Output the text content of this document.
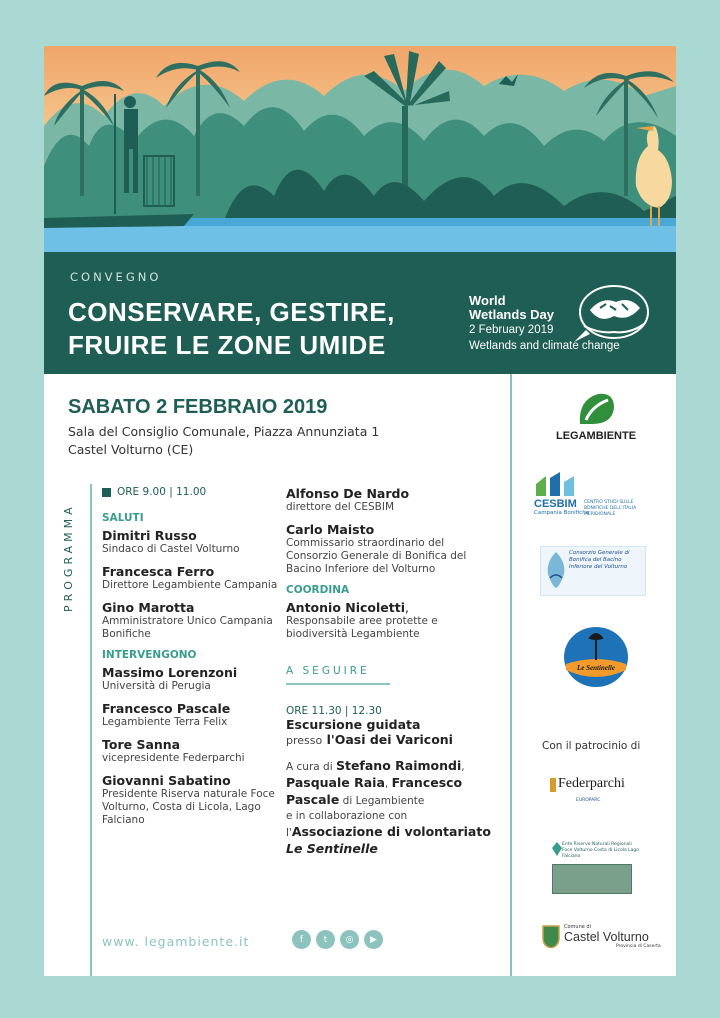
CONVEGNO
CONSERVARE, GESTIRE,
FRUIRE LE ZONE UMIDE
World
Wetlands Day
2 February 2019
Wetlands and climate change
SABATO 2 FEBBRAIO 2019
Sala del Consiglio Comunale, Piazza Annunziata 1
Castel Volturno (CE)
PROGRAMMA
ORE 9.00 | 11.00
SALUTI
Dimitri Russo
Sindaco di Castel Volturno
Francesca Ferro
Direttore Legambiente Campania
Gino Marotta
Amministratore Unico Campania Bonifiche
INTERVENGONO
Massimo Lorenzoni
Università di Perugia
Francesco Pascale
Legambiente Terra Felix
Tore Sanna
vicepresidente Federparchi
Giovanni Sabatino
Presidente Riserva naturale Foce Volturno, Costa di Licola, Lago Falciano
Alfonso De Nardo
direttore del CESBIM
Carlo Maisto
Commissario straordinario del Consorzio Generale di Bonifica del Bacino Inferiore del Volturno
COORDINA
Antonio Nicoletti,
Responsabile aree protette e biodiversità Legambiente
A SEGUIRE
ORE 11.30 | 12.30
Escursione guidata
presso l'Oasi dei Variconi
A cura di Stefano Raimondi, Pasquale Raia, Francesco Pascale di Legambiente
e in collaborazione con
l'Associazione di volontariato Le Sentinelle
www. legambiente.it	f	t	◎	▶
LEGAMBIENTE
CESBIM
Campania Bonifiche
CENTRO STUDI SULLE BONIFICHE DELL'ITALIA MERIDIONALE
Consorzio Generale di Bonifica del Bacino Inferiore del Volturno
Le Sentinelle
Con il patrocinio di
Federparchi
EUROPARC
Ente Riserve Naturali Regionali Foce Volturno Costa di Licola Lago Falciano
Comune di
Castel Volturno
Provincia di Caserta
